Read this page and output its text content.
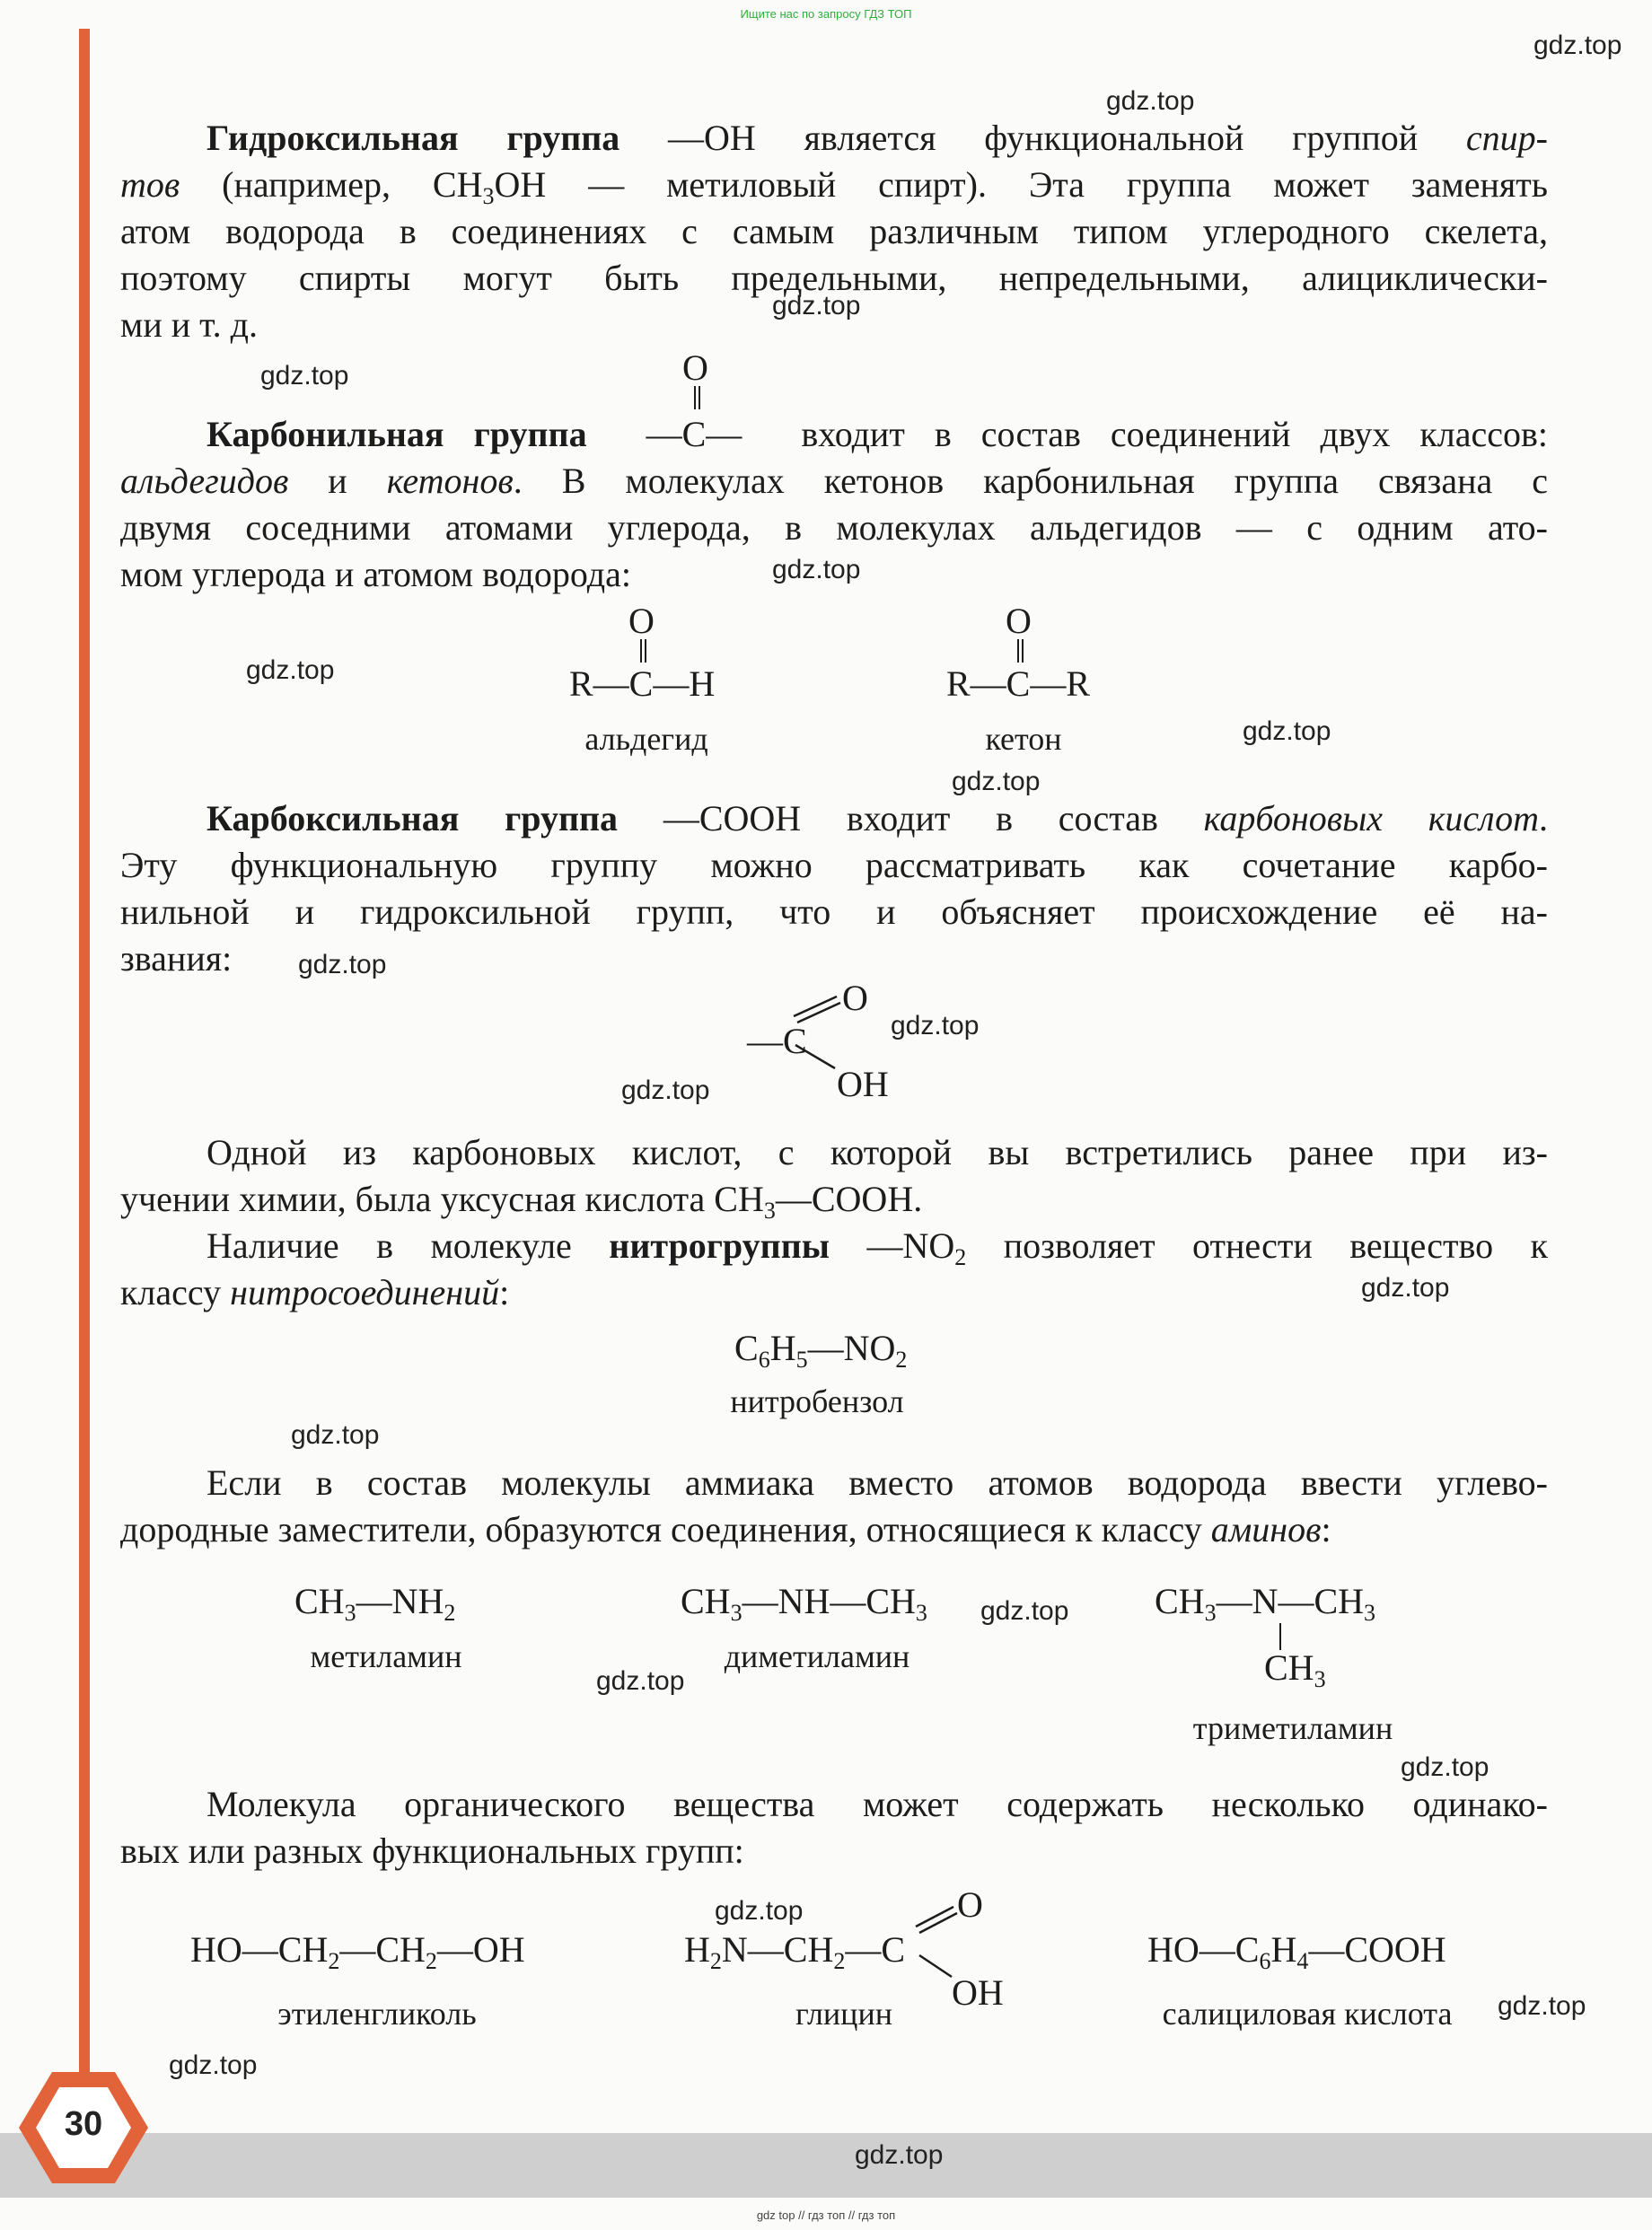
Ищите нас по запросу ГДЗ ТОП
gdz.top
gdz.top
gdz.top
gdz.top
gdz.top
gdz.top
gdz.top
gdz.top
gdz.top
gdz.top
gdz.top
gdz.top
gdz.top
gdz.top
gdz.top
gdz.top
gdz.top
gdz.top
gdz.top
gdz.top
Гидроксильная группа —OH является функциональной группой спир-
тов (например, $CH_3OH$ — метиловый спирт). Эта группа может заменять
атом водорода в соединениях с самым различным типом углеродного скелета,
поэтому спирты могут быть предельными, непредельными, алициклически-
ми и т. д.
O
Карбонильная группа —C— входит в состав соединений двух классов:
альдегидов и кетонов. В молекулах кетонов карбонильная группа связана с
двумя соседними атомами углерода, в молекулах альдегидов — с одним ато-
мом углерода и атомом водорода:
O
R—C—H
альдегид
O
R—C—R
кетон
Карбоксильная группа —COOH входит в состав карбоновых кислот.
Эту функциональную группу можно рассматривать как сочетание карбо-
нильной и гидроксильной групп, что и объясняет происхождение её на-
звания:
O
—C
OH
Одной из карбоновых кислот, с которой вы встретились ранее при из-
учении химии, была уксусная кислота $CH_3—COOH$.
Наличие в молекуле нитрогруппы $—NO_2$ позволяет отнести вещество к
классу нитросоединений:
$C_6H_5—NO_2$
нитробензол
Если в состав молекулы аммиака вместо атомов водорода ввести углево-
дородные заместители, образуются соединения, относящиеся к классу аминов:
$CH_3—NH_2$
метиламин
$CH_3—NH—CH_3$
диметиламин
$CH_3—N—CH_3$
$CH_3$
триметиламин
Молекула органического вещества может содержать несколько одинако-
вых или разных функциональных групп:
$HO—CH_2—CH_2—OH$
этиленгликоль
$H_2N—CH_2—C$
O
OH
глицин
$HO—C_6H_4—COOH$
салициловая кислота
30
gdz top // гдз топ // гдз топ
